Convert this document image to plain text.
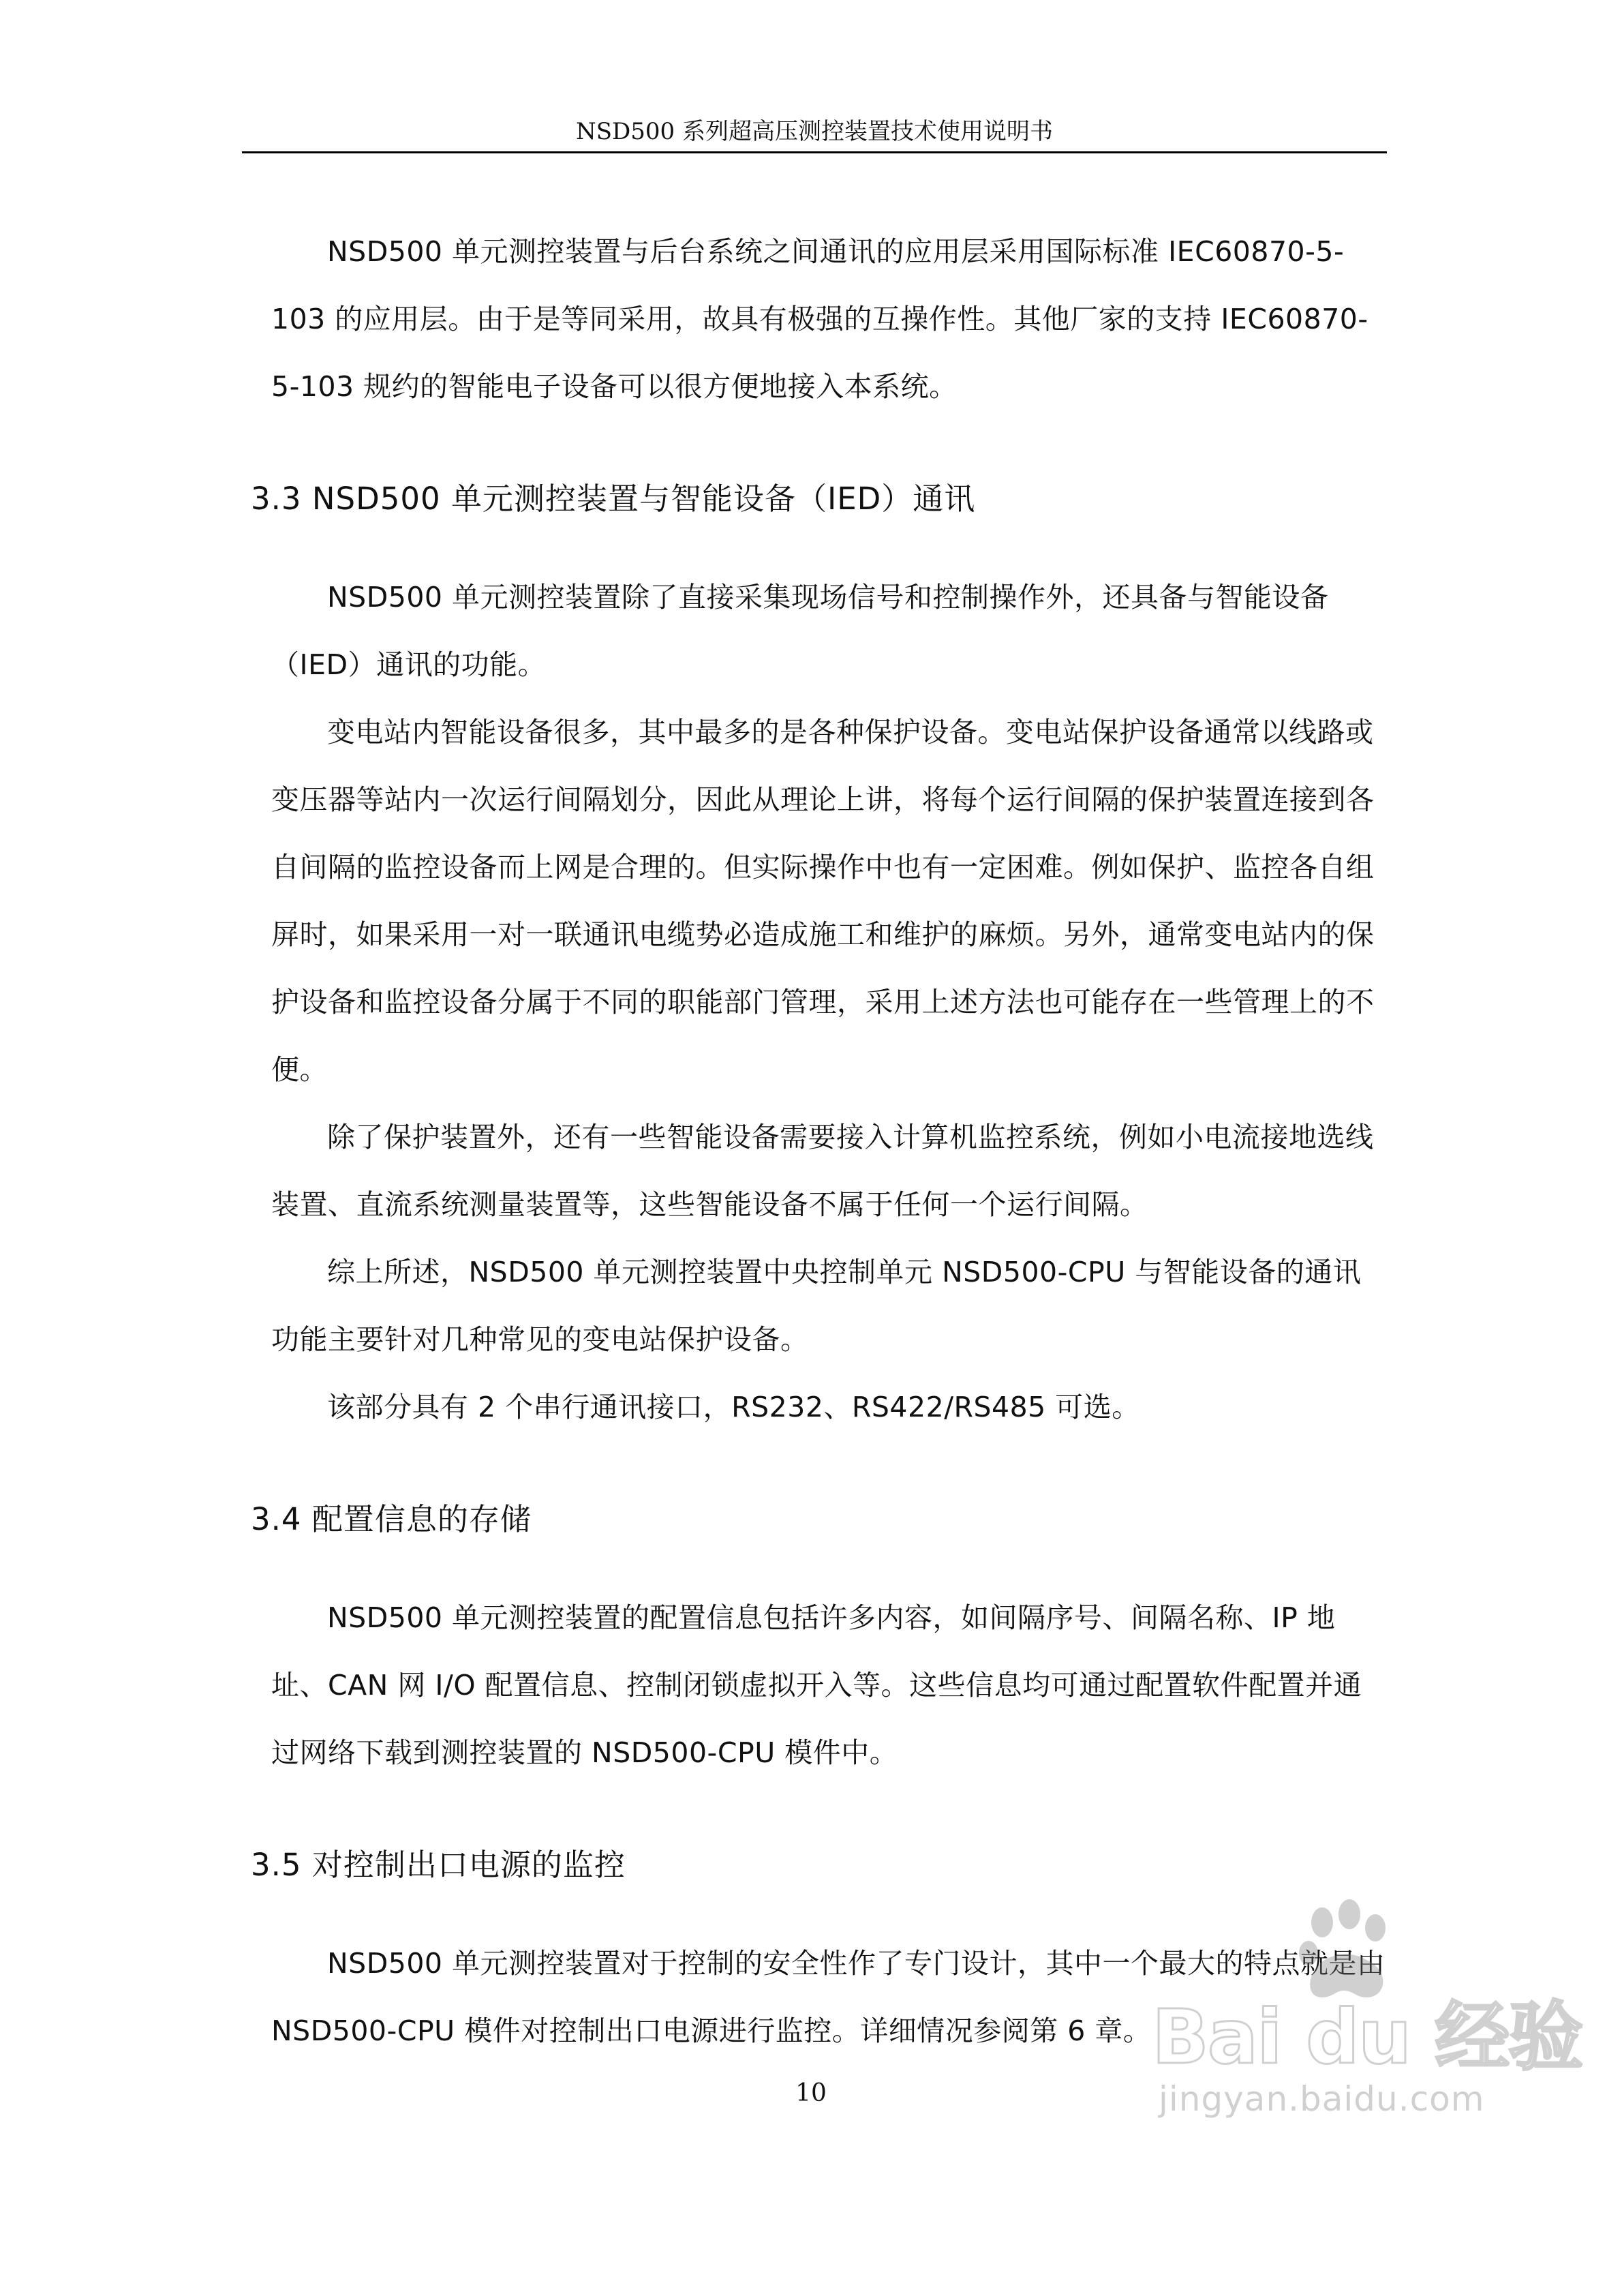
NSD500 系列超高压测控装置技术使用说明书

NSD500 单元测控装置与后台系统之间通讯的应用层采用国际标准 IEC60870-5-103 的应用层。由于是等同采用，故具有极强的互操作性。其他厂家的支持 IEC60870-5-103 规约的智能电子设备可以很方便地接入本系统。

3.3 NSD500 单元测控装置与智能设备（IED）通讯

NSD500 单元测控装置除了直接采集现场信号和控制操作外，还具备与智能设备（IED）通讯的功能。

变电站内智能设备很多，其中最多的是各种保护设备。变电站保护设备通常以线路或变压器等站内一次运行间隔划分，因此从理论上讲，将每个运行间隔的保护装置连接到各自间隔的监控设备而上网是合理的。但实际操作中也有一定困难。例如保护、监控各自组屏时，如果采用一对一联通讯电缆势必造成施工和维护的麻烦。另外，通常变电站内的保护设备和监控设备分属于不同的职能部门管理，采用上述方法也可能存在一些管理上的不便。

除了保护装置外，还有一些智能设备需要接入计算机监控系统，例如小电流接地选线装置、直流系统测量装置等，这些智能设备不属于任何一个运行间隔。

综上所述，NSD500 单元测控装置中央控制单元 NSD500-CPU 与智能设备的通讯功能主要针对几种常见的变电站保护设备。

该部分具有 2 个串行通讯接口，RS232、RS422/RS485 可选。

3.4 配置信息的存储

NSD500 单元测控装置的配置信息包括许多内容，如间隔序号、间隔名称、IP 地址、CAN 网 I/O 配置信息、控制闭锁虚拟开入等。这些信息均可通过配置软件配置并通过网络下载到测控装置的 NSD500-CPU 模件中。

3.5 对控制出口电源的监控

NSD500 单元测控装置对于控制的安全性作了专门设计，其中一个最大的特点就是由 NSD500-CPU 模件对控制出口电源进行监控。详细情况参阅第 6 章。

10
Bai du 经验
jingyan.baidu.com
